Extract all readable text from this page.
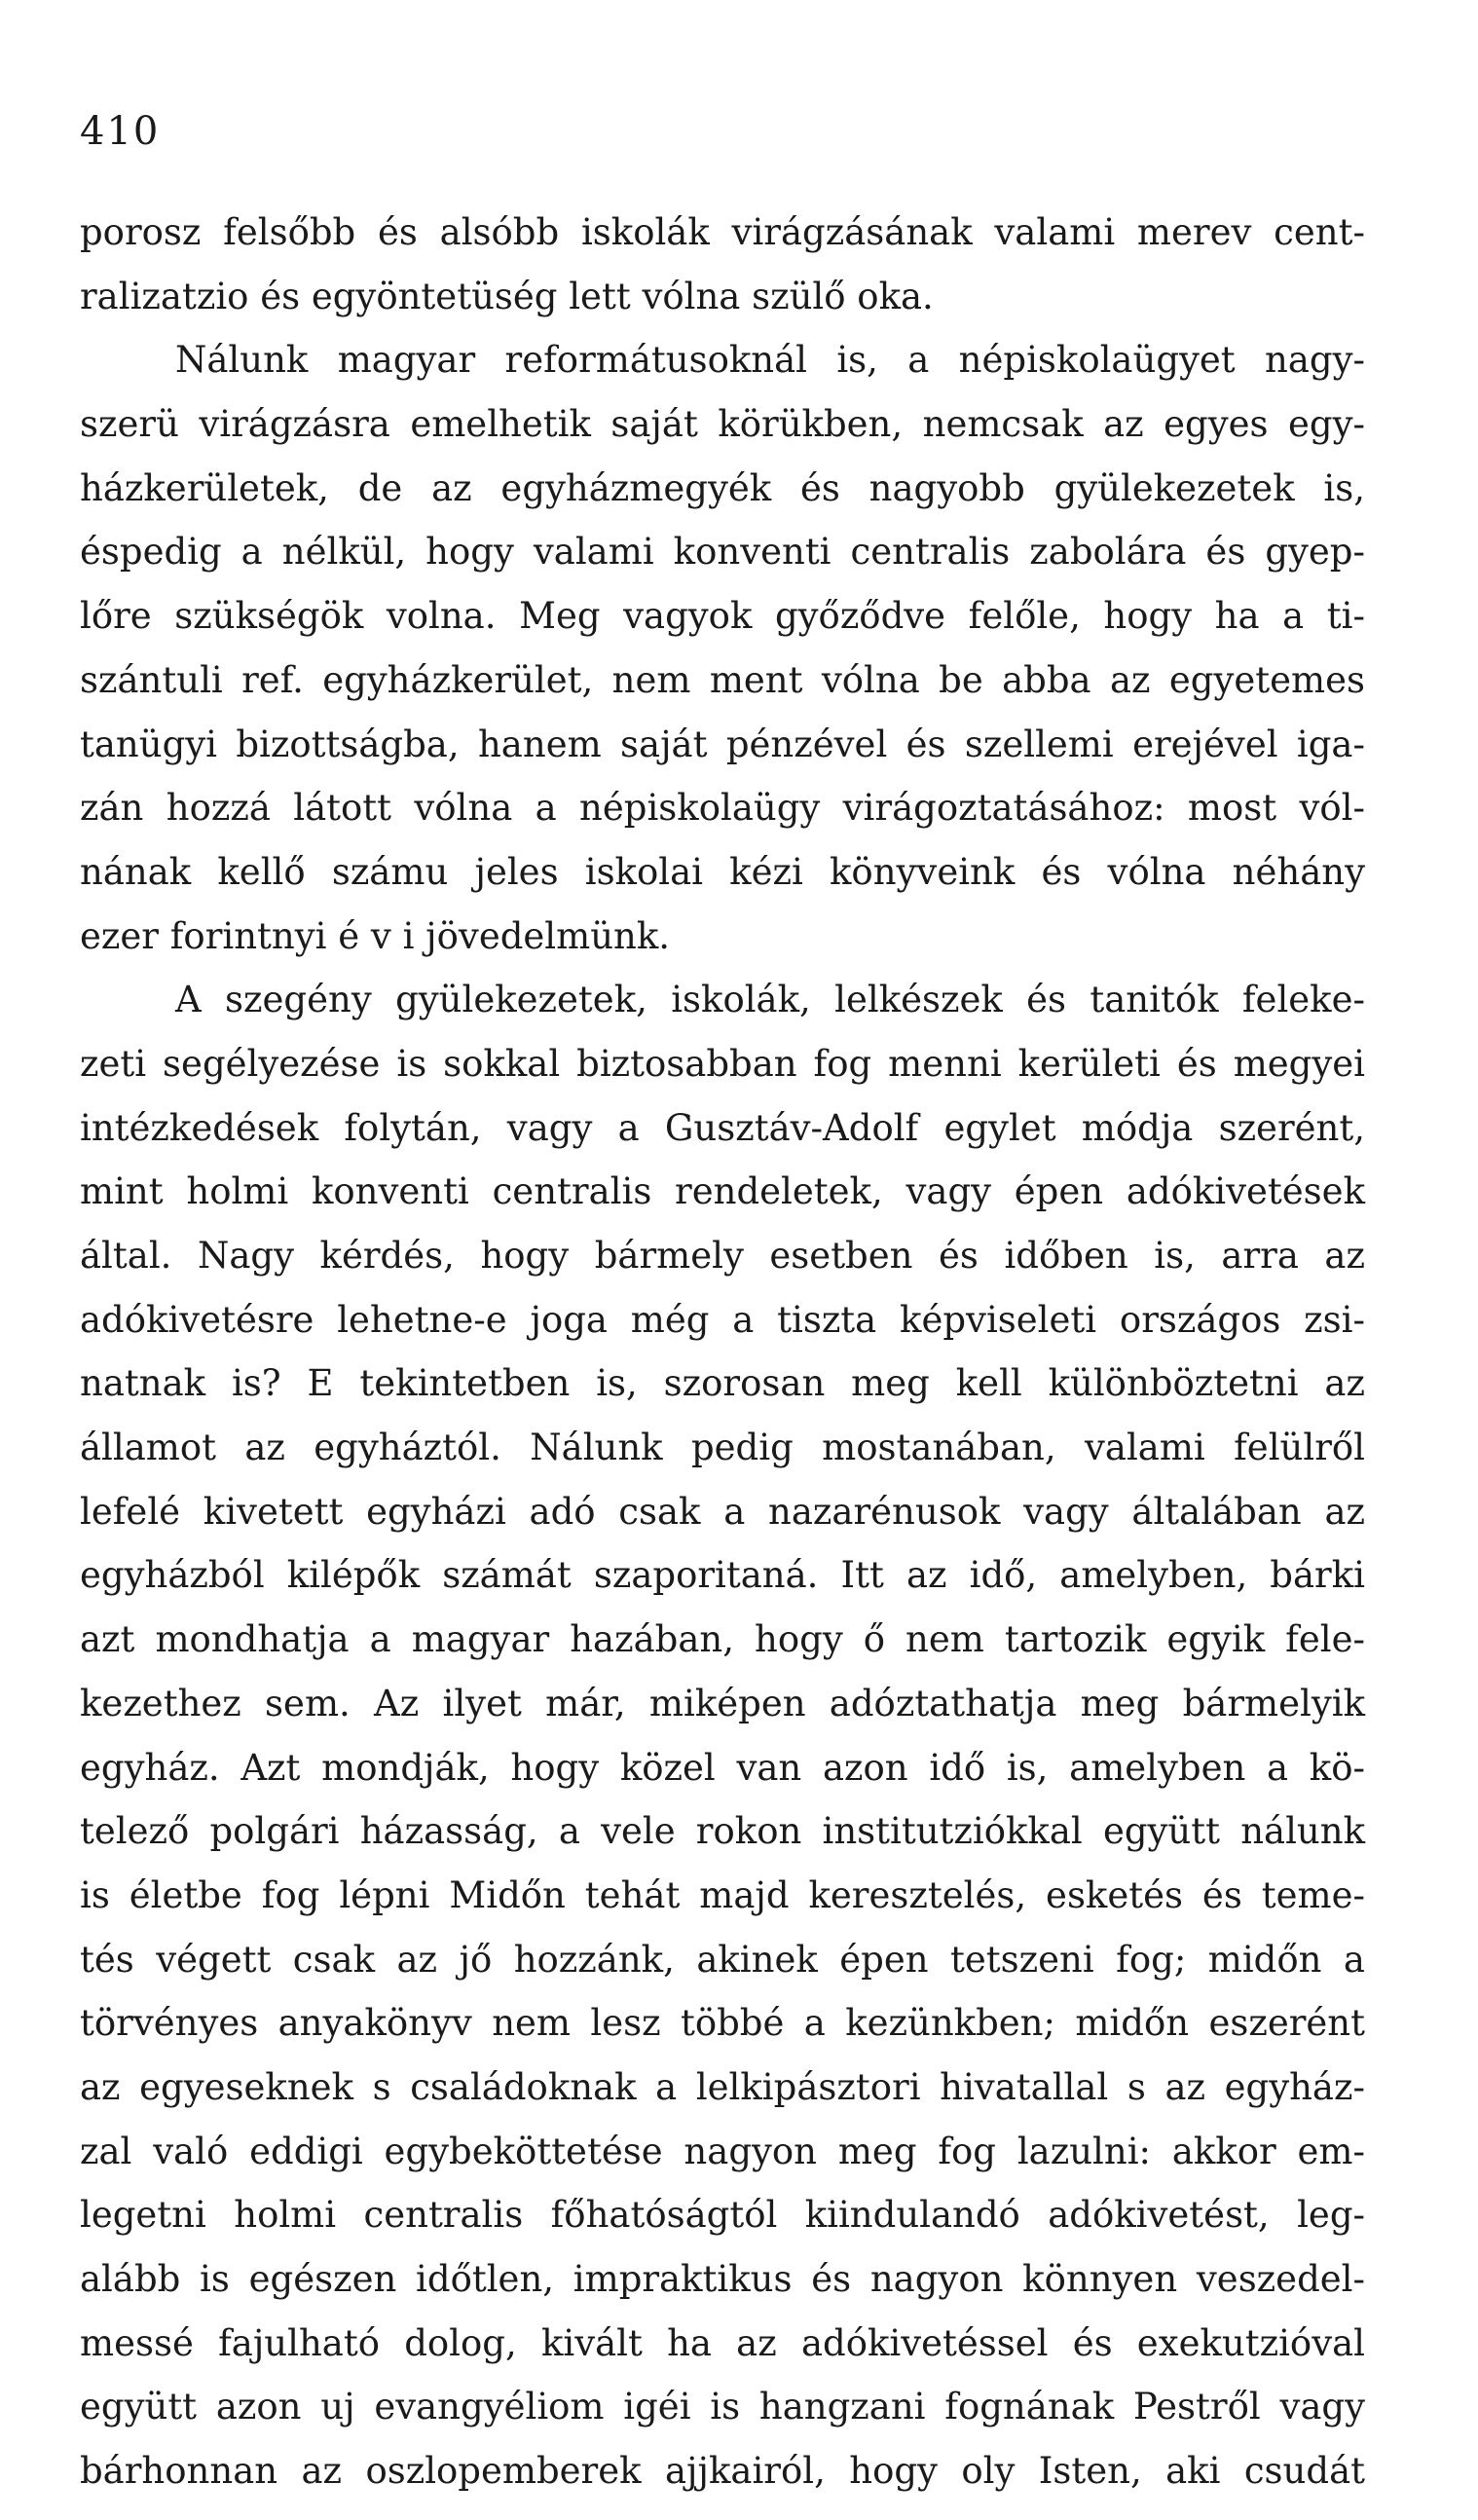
410
porosz felsőbb és alsóbb iskolák virágzásának valami merev cent-
ralizatzio és egyöntetüség lett vólna szülő oka.
Nálunk magyar reformátusoknál is, a népiskolaügyet nagy-
szerü virágzásra emelhetik saját körükben, nemcsak az egyes egy-
házkerületek, de az egyházmegyék és nagyobb gyülekezetek is,
éspedig a nélkül, hogy valami konventi centralis zabolára és gyep-
lőre szükségök volna. Meg vagyok győződve felőle, hogy ha a ti-
szántuli ref. egyházkerület, nem ment vólna be abba az egyetemes
tanügyi bizottságba, hanem saját pénzével és szellemi erejével iga-
zán hozzá látott vólna a népiskolaügy virágoztatásához: most vól-
nának kellő számu jeles iskolai kézi könyveink és vólna néhány
ezer forintnyi é v i jövedelmünk.
A szegény gyülekezetek, iskolák, lelkészek és tanitók feleke-
zeti segélyezése is sokkal biztosabban fog menni kerületi és megyei
intézkedések folytán, vagy a Gusztáv-Adolf egylet módja szerént,
mint holmi konventi centralis rendeletek, vagy épen adókivetések
által. Nagy kérdés, hogy bármely esetben és időben is, arra az
adókivetésre lehetne-e joga még a tiszta képviseleti országos zsi-
natnak is? E tekintetben is, szorosan meg kell különböztetni az
államot az egyháztól. Nálunk pedig mostanában, valami felülről
lefelé kivetett egyházi adó csak a nazarénusok vagy általában az
egyházból kilépők számát szaporitaná. Itt az idő, amelyben, bárki
azt mondhatja a magyar hazában, hogy ő nem tartozik egyik fele-
kezethez sem. Az ilyet már, miképen adóztathatja meg bármelyik
egyház. Azt mondják, hogy közel van azon idő is, amelyben a kö-
telező polgári házasság, a vele rokon institutziókkal együtt nálunk
is életbe fog lépni Midőn tehát majd keresztelés, esketés és teme-
tés végett csak az jő hozzánk, akinek épen tetszeni fog; midőn a
törvényes anyakönyv nem lesz többé a kezünkben; midőn eszerént
az egyeseknek s családoknak a lelkipásztori hivatallal s az egyház-
zal való eddigi egybeköttetése nagyon meg fog lazulni: akkor em-
legetni holmi centralis főhatóságtól kiindulandó adókivetést, leg-
alább is egészen időtlen, impraktikus és nagyon könnyen veszedel-
messé fajulható dolog, kivált ha az adókivetéssel és exekutzióval
együtt azon uj evangyéliom igéi is hangzani fognának Pestről vagy
bárhonnan az oszlopemberek ajjkairól, hogy oly Isten, aki csudát
